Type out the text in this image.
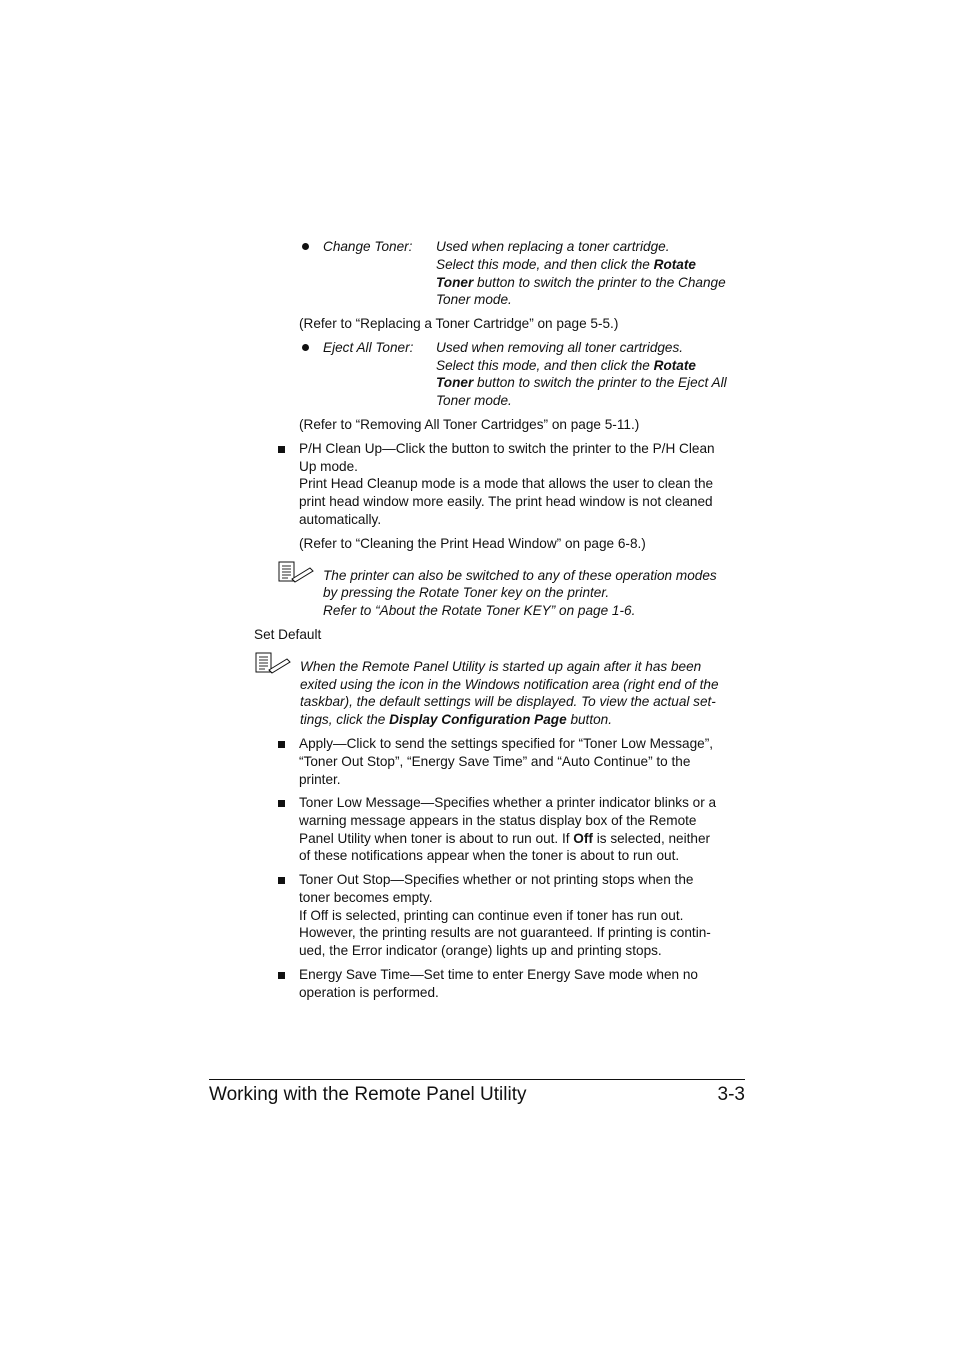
Change Toner: Used when replacing a toner cartridge.
Select this mode, and then click the Rotate
Toner button to switch the printer to the Change
Toner mode.
(Refer to “Replacing a Toner Cartridge” on page 5-5.)
Eject All Toner: Used when removing all toner cartridges.
Select this mode, and then click the Rotate
Toner button to switch the printer to the Eject All
Toner mode.
(Refer to “Removing All Toner Cartridges” on page 5-11.)
P/H Clean Up—Click the button to switch the printer to the P/H Clean
Up mode.
Print Head Cleanup mode is a mode that allows the user to clean the
print head window more easily. The print head window is not cleaned
automatically.
(Refer to “Cleaning the Print Head Window” on page 6-8.)
The printer can also be switched to any of these operation modes
by pressing the Rotate Toner key on the printer.
Refer to “About the Rotate Toner KEY” on page 1-6.
Set Default
When the Remote Panel Utility is started up again after it has been
exited using the icon in the Windows notification area (right end of the
taskbar), the default settings will be displayed. To view the actual set-
tings, click the Display Configuration Page button.
Apply—Click to send the settings specified for “Toner Low Message”,
“Toner Out Stop”, “Energy Save Time” and “Auto Continue” to the
printer.
Toner Low Message—Specifies whether a printer indicator blinks or a
warning message appears in the status display box of the Remote
Panel Utility when toner is about to run out. If Off is selected, neither
of these notifications appear when the toner is about to run out.
Toner Out Stop—Specifies whether or not printing stops when the
toner becomes empty.
If Off is selected, printing can continue even if toner has run out.
However, the printing results are not guaranteed. If printing is contin-
ued, the Error indicator (orange) lights up and printing stops.
Energy Save Time—Set time to enter Energy Save mode when no
operation is performed.
Working with the Remote Panel Utility	3-3
